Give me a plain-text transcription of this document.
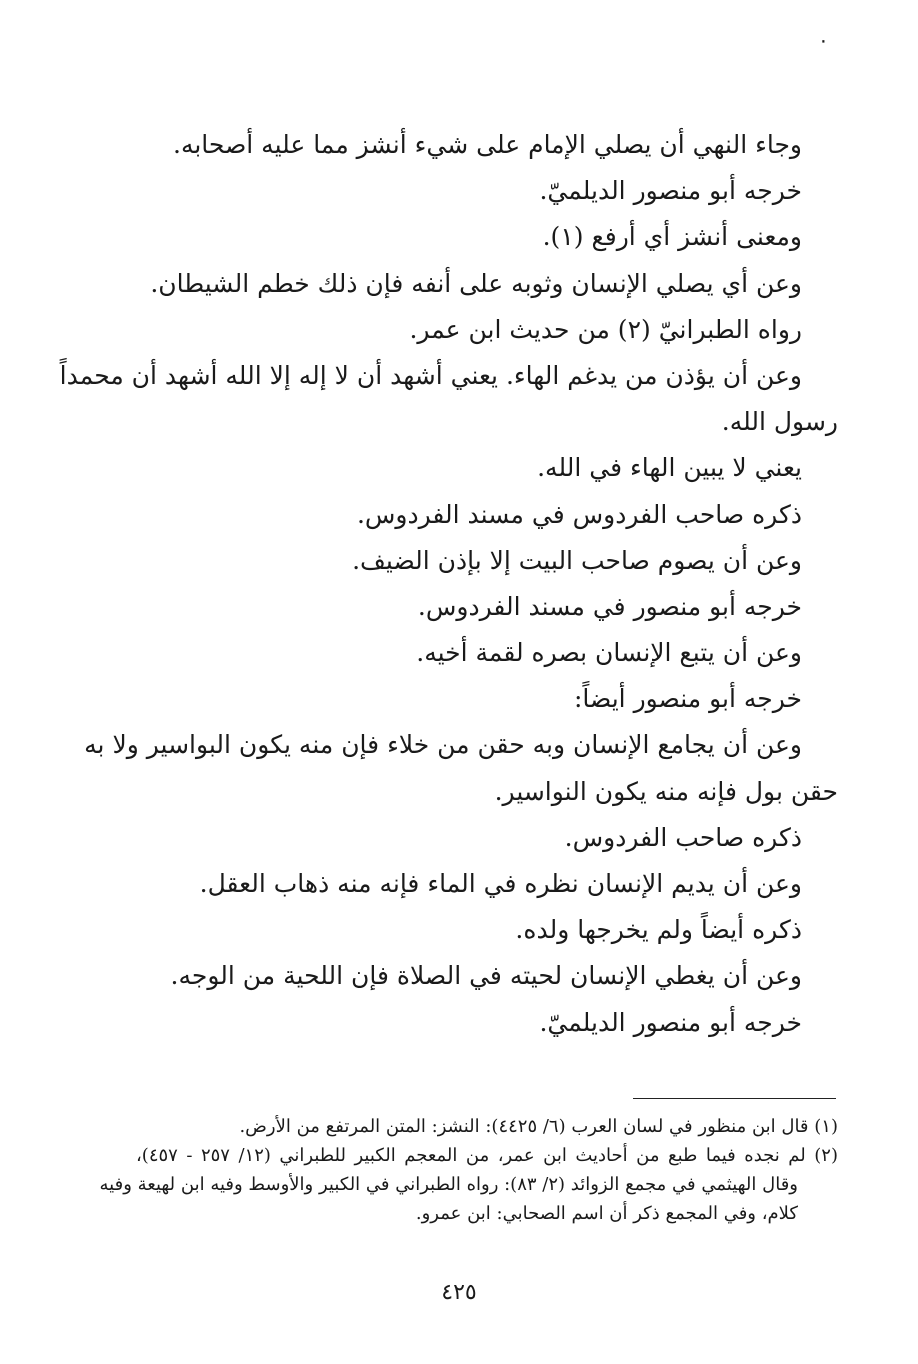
٠
وجاء النهي أن يصلي الإمام على شيء أنشز مما عليه أصحابه.
خرجه أبو منصور الديلميّ.
ومعنى أنشز أي أرفع (١).
وعن أي يصلي الإنسان وثوبه على أنفه فإن ذلك خطم الشيطان.
رواه الطبرانيّ (٢) من حديث ابن عمر.
وعن أن يؤذن من يدغم الهاء. يعني أشهد أن لا إله إلا الله أشهد أن محمداً
رسول الله.
يعني لا يبين الهاء في الله.
ذكره صاحب الفردوس في مسند الفردوس.
وعن أن يصوم صاحب البيت إلا بإذن الضيف.
خرجه أبو منصور في مسند الفردوس.
وعن أن يتبع الإنسان بصره لقمة أخيه.
خرجه أبو منصور أيضاً:
وعن أن يجامع الإنسان وبه حقن من خلاء فإن منه يكون البواسير ولا به
حقن بول فإنه منه يكون النواسير.
ذكره صاحب الفردوس.
وعن أن يديم الإنسان نظره في الماء فإنه منه ذهاب العقل.
ذكره أيضاً ولم يخرجها ولده.
وعن أن يغطي الإنسان لحيته في الصلاة فإن اللحية من الوجه.
خرجه أبو منصور الديلميّ.
(١) قال ابن منظور في لسان العرب (٦/ ٤٤٢٥): النشز: المتن المرتفع من الأرض.
(٢) لم نجده فيما طبع من أحاديث ابن عمر، من المعجم الكبير للطبراني (١٢/ ٢٥٧ - ٤٥٧)،
وقال الهيثمي في مجمع الزوائد (٢/ ٨٣): رواه الطبراني في الكبير والأوسط وفيه ابن لهيعة وفيه
كلام، وفي المجمع ذكر أن اسم الصحابي: ابن عمرو.
٤٢٥
